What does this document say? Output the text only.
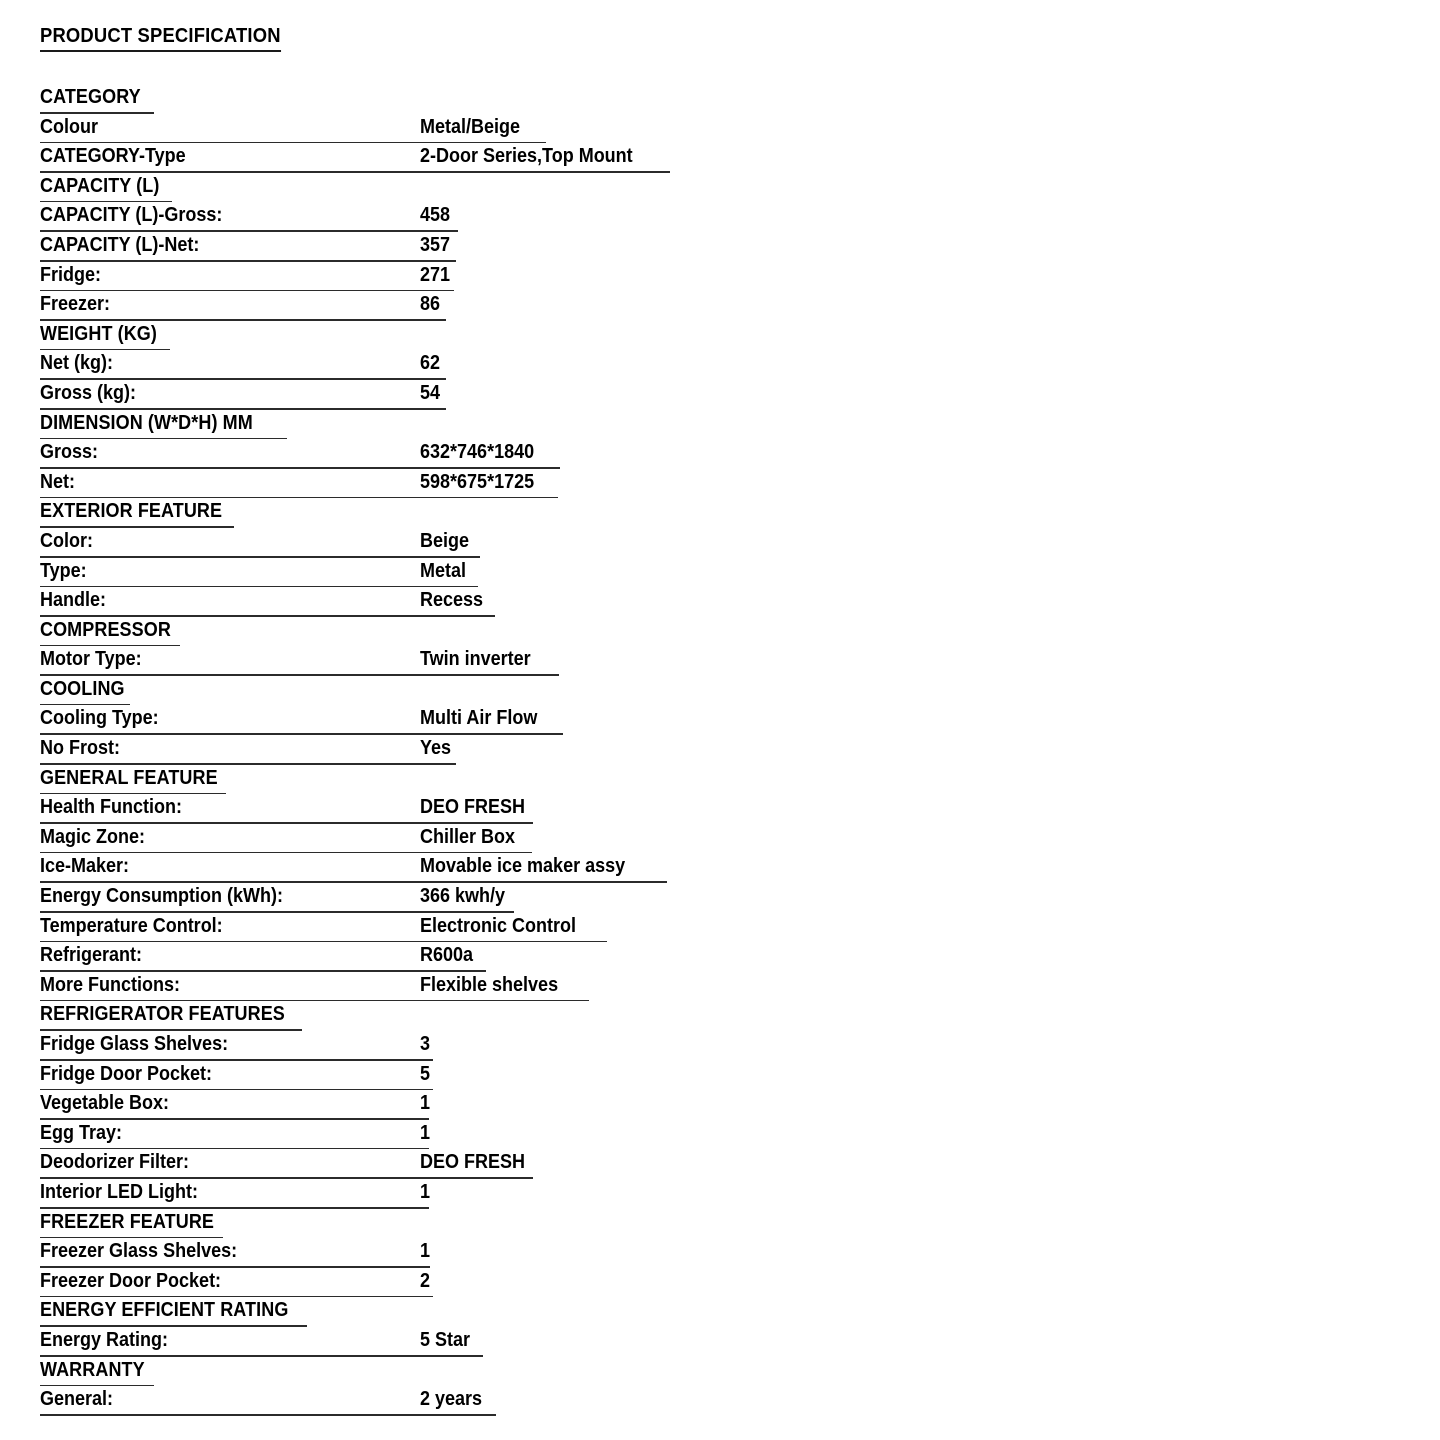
PRODUCT SPECIFICATION
CATEGORY
Colour	Metal/Beige
CATEGORY-Type	2-Door Series,Top Mount
CAPACITY (L)
CAPACITY (L)-Gross:	458
CAPACITY (L)-Net:	357
Fridge:	271
Freezer:	86
WEIGHT (KG)
Net (kg):	62
Gross (kg):	54
DIMENSION (W*D*H) MM
Gross:	632*746*1840
Net:	598*675*1725
EXTERIOR FEATURE
Color:	Beige
Type:	Metal
Handle:	Recess
COMPRESSOR
Motor Type:	Twin inverter
COOLING
Cooling Type:	Multi Air Flow
No Frost:	Yes
GENERAL FEATURE
Health Function:	DEO FRESH
Magic Zone:	Chiller Box
Ice-Maker:	Movable ice maker assy
Energy Consumption (kWh):	366 kwh/y
Temperature Control:	Electronic Control
Refrigerant:	R600a
More Functions:	Flexible shelves
REFRIGERATOR FEATURES
Fridge Glass Shelves:	3
Fridge Door Pocket:	5
Vegetable Box:	1
Egg Tray:	1
Deodorizer Filter:	DEO FRESH
Interior LED Light:	1
FREEZER FEATURE
Freezer Glass Shelves:	1
Freezer Door Pocket:	2
ENERGY EFFICIENT RATING
Energy Rating:	5 Star
WARRANTY
General:	2 years
